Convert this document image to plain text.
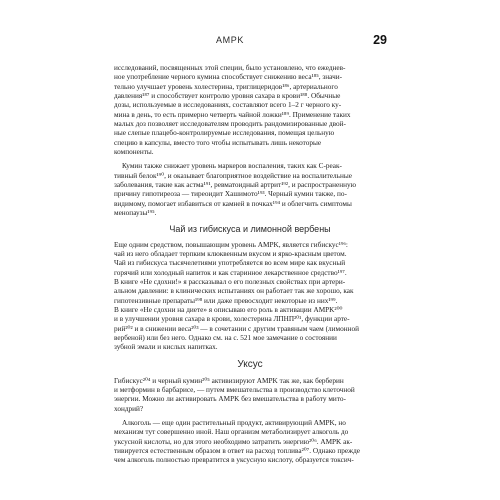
AMPK	29
исследований, посвященных этой специи, было установлено, что ежеднев-
ное употребление черного кумина способствует снижению веса¹⁸⁵, значи-
тельно улучшает уровень холестерина, триглицеридов¹⁸⁶, артериального
давления¹⁸⁷ и способствует контролю уровня сахара в крови¹⁸⁸. Обычные
дозы, используемые в исследованиях, составляют всего 1–2 г черного ку-
мина в день, то есть примерно четверть чайной ложки¹⁸⁹. Применение таких
малых доз позволяет исследователям проводить рандомизированные двой-
ные слепые плацебо-контролируемые исследования, помещая цельную
специю в капсулы, вместо того чтобы испытывать лишь некоторые
компоненты.
Кумин также снижает уровень маркеров воспаления, таких как С-реак-
тивный белок¹⁹⁰, и оказывает благоприятное воздействие на воспалительные
заболевания, такие как астма¹⁹¹, ревматоидный артрит¹⁹², и распространенную
причину гипотиреоза — тиреоидит Хашимото¹⁹³. Черный кумин также, по-
видимому, помогает избавиться от камней в почках¹⁹⁴ и облегчить симптомы
менопаузы¹⁹⁵.
Чай из гибискуса и лимонной вербены
Еще одним средством, повышающим уровень AMPK, является гибискус¹⁹⁶:
чай из него обладает терпким клюквенным вкусом и ярко-красным цветом.
Чай из гибискуса тысячелетиями употребляется во всем мире как вкусный
горячий или холодный напиток и как старинное лекарственное средство¹⁹⁷.
В книге «Не сдохни!» я рассказывал о его полезных свойствах при артери-
альном давлении: в клинических испытаниях он работает так же хорошо, как
гипотензивные препараты¹⁹⁸ или даже превосходит некоторые из них¹⁹⁹.
В книге «Не сдохни на диете» я описываю его роль в активации AMPK²⁰⁰
и в улучшении уровня сахара в крови, холестерина ЛПНП²⁰¹, функции арте-
рий²⁰² и в снижении веса²⁰³ — в сочетании с другим травяным чаем (лимонной
вербеной) или без него. Однако см. на с. 521 мое замечание о состоянии
зубной эмали и кислых напитках.
Уксус
Гибискус²⁰⁴ и черный кумин²⁰⁵ активизируют AMPK так же, как берберин
и метформин в барбарисе, — путем вмешательства в производство клеточной
энергии. Можно ли активировать AMPK без вмешательства в работу мито-
хондрий?
Алкоголь — еще один растительный продукт, активирующий AMPK, но
механизм тут совершенно иной. Наш организм метаболизирует алкоголь до
уксусной кислоты, но для этого необходимо затратить энергию²⁰⁶. AMPK ак-
тивируется естественным образом в ответ на расход топлива²⁰⁷. Однако прежде
чем алкоголь полностью превратится в уксусную кислоту, образуется токсич-
